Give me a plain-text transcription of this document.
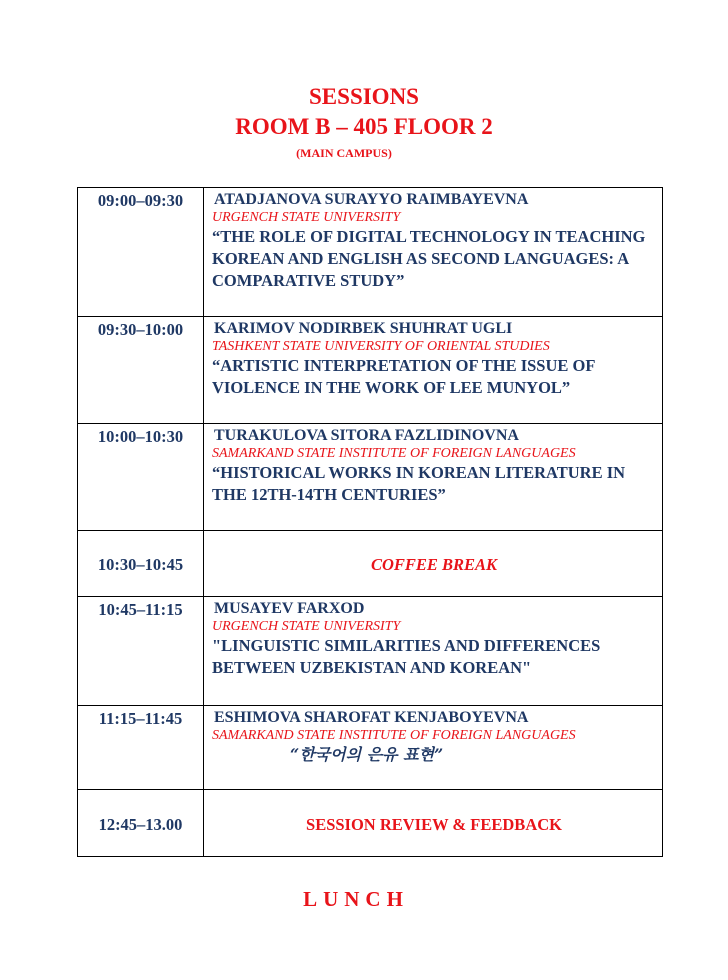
SESSIONS
ROOM B – 405 FLOOR 2
(MAIN CAMPUS)
09:00–09:30	ATADJANOVA SURAYYO RAIMBAYEVNA
URGENCH STATE UNIVERSITY
“THE ROLE OF DIGITAL TECHNOLOGY IN TEACHING KOREAN AND ENGLISH AS SECOND LANGUAGES: A COMPARATIVE STUDY”

09:30–10:00	KARIMOV NODIRBEK SHUHRAT UGLI
TASHKENT STATE UNIVERSITY OF ORIENTAL STUDIES
“ARTISTIC INTERPRETATION OF THE ISSUE OF VIOLENCE IN THE WORK OF LEE MUNYOL”

10:00–10:30	TURAKULOVA SITORA FAZLIDINOVNA
SAMARKAND STATE INSTITUTE OF FOREIGN LANGUAGES
“HISTORICAL WORKS IN KOREAN LITERATURE IN THE 12TH-14TH CENTURIES”

10:30–10:45	COFFEE BREAK
10:45–11:15	MUSAYEV FARXOD
URGENCH STATE UNIVERSITY
"LINGUISTIC SIMILARITIES AND DIFFERENCES BETWEEN UZBEKISTAN AND KOREAN"

11:15–11:45	ESHIMOVA SHAROFAT KENJABOYEVNA
SAMARKAND STATE INSTITUTE OF FOREIGN LANGUAGES
“한국어의 은유 표현”

12:45–13.00	SESSION REVIEW & FEEDBACK
LUNCH
